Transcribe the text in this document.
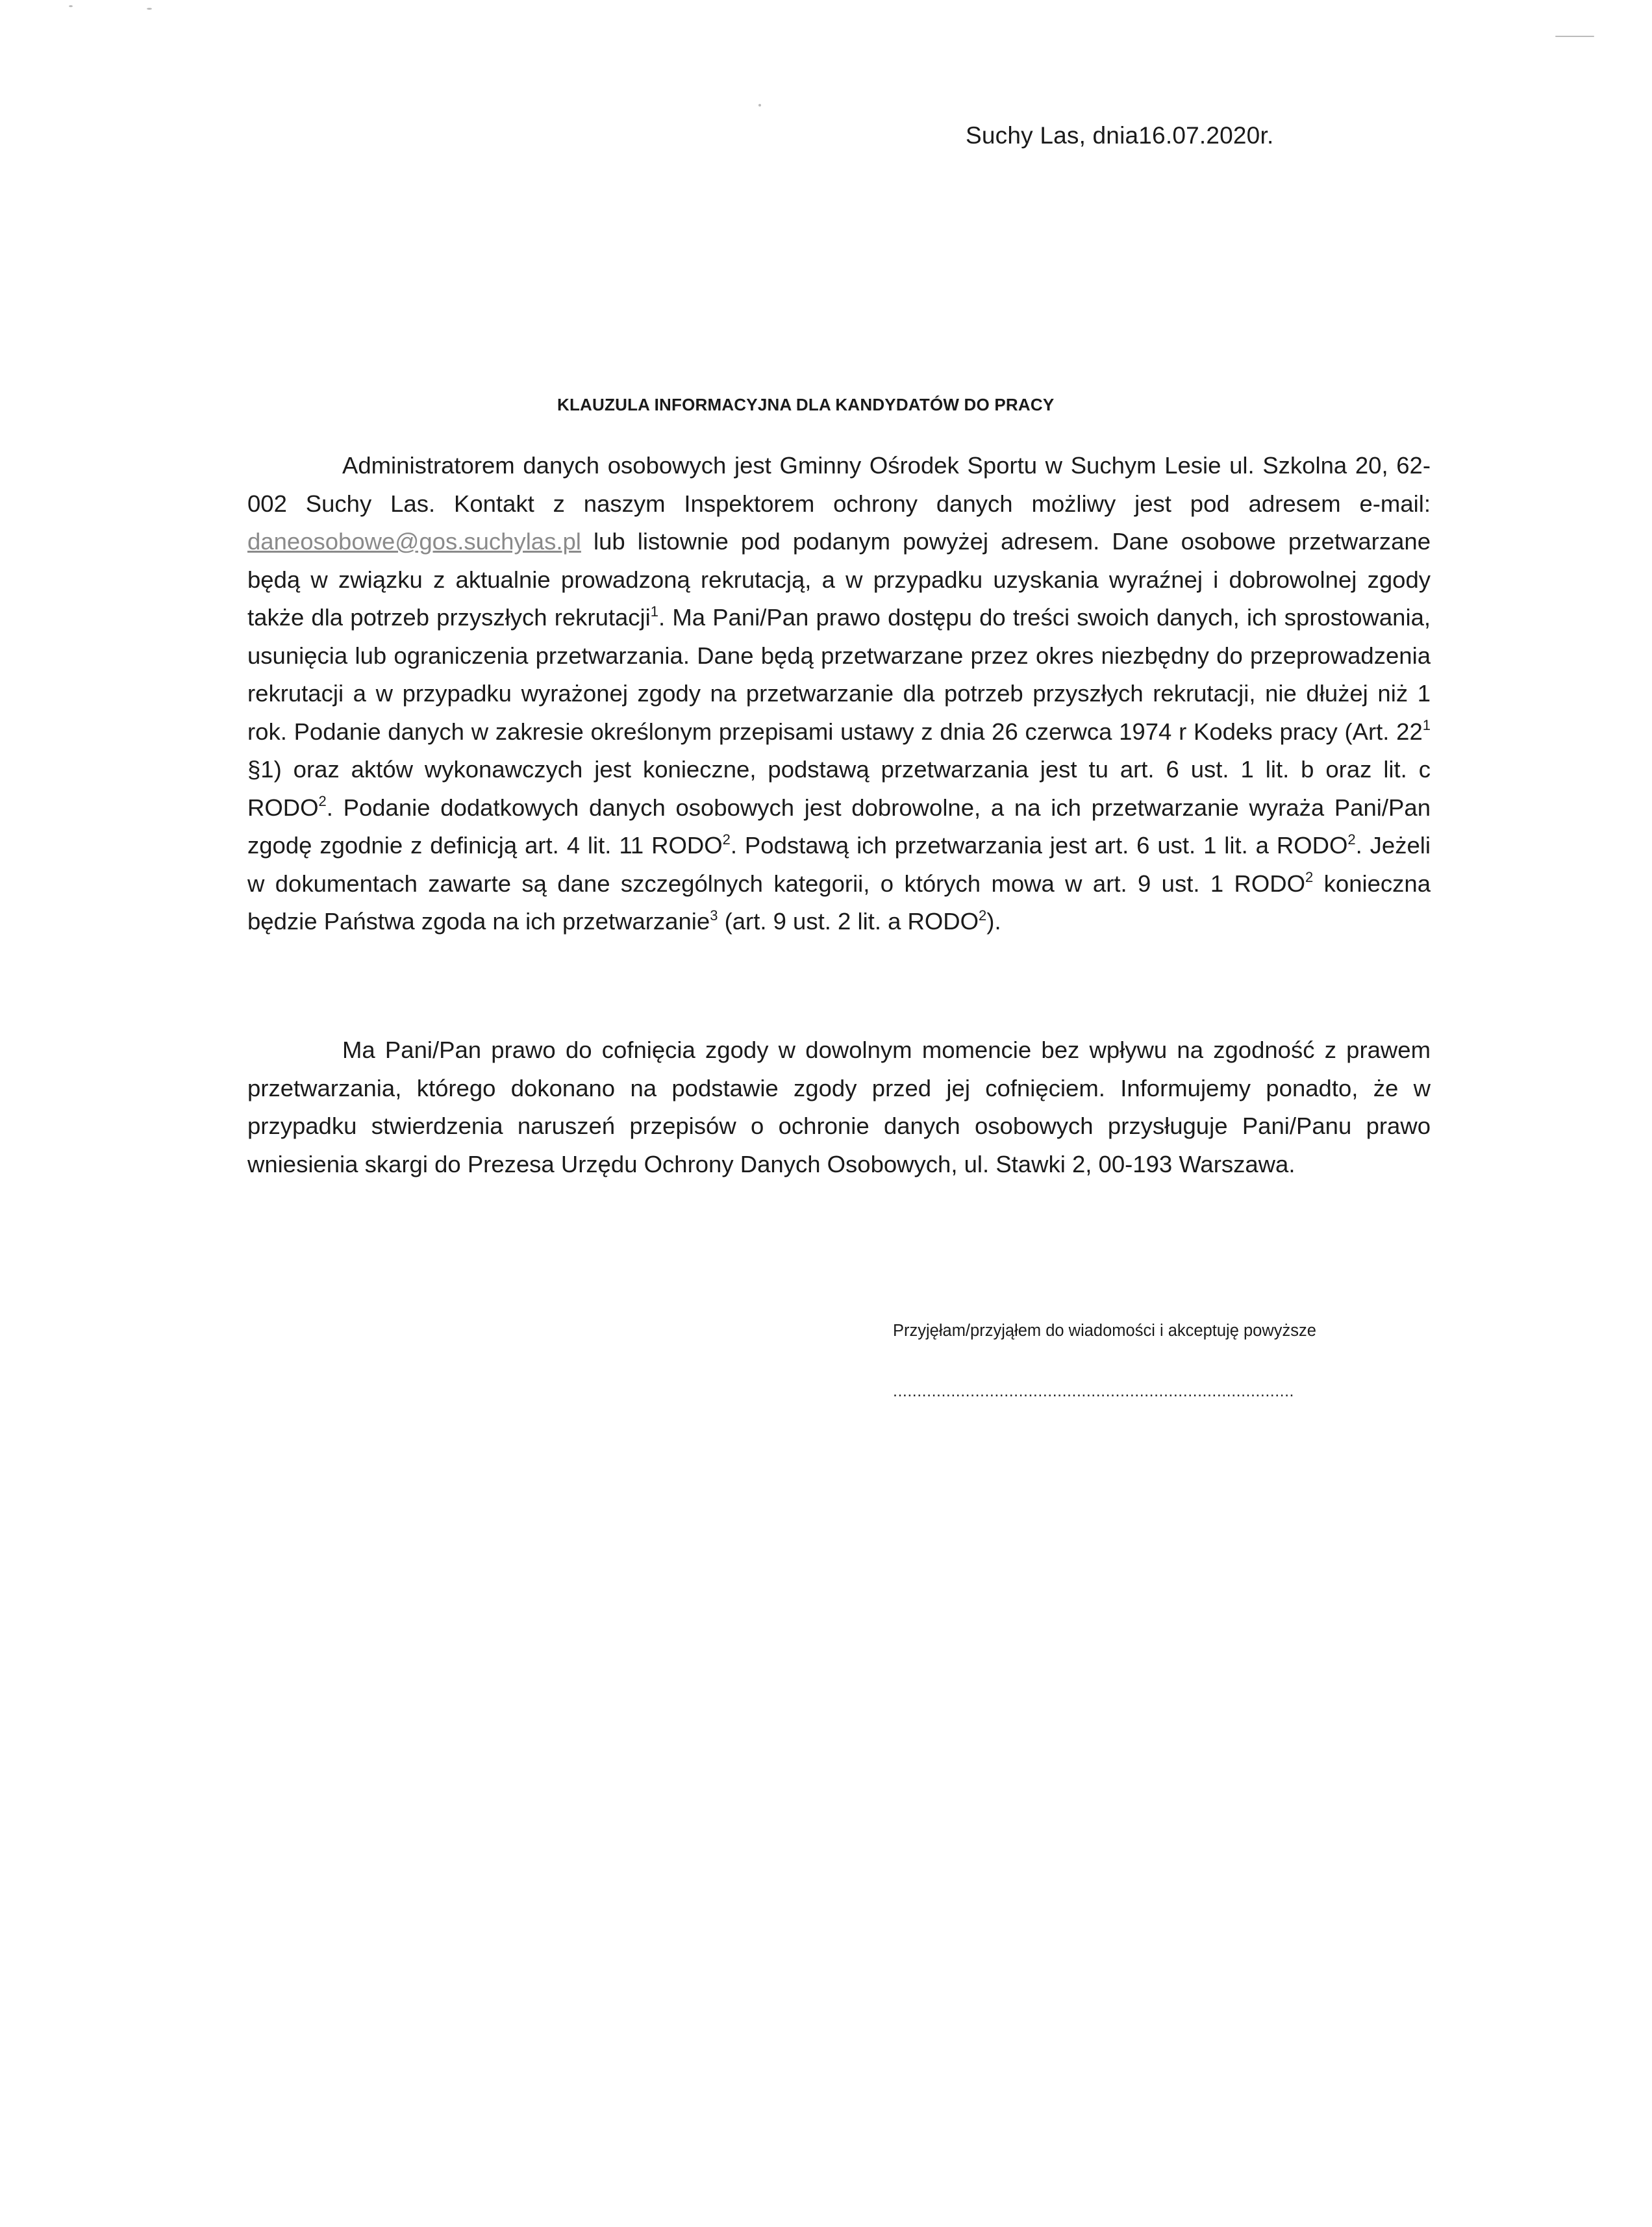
Suchy Las, dnia16.07.2020r.
KLAUZULA INFORMACYJNA DLA KANDYDATÓW DO PRACY

Administratorem danych osobowych jest Gminny Ośrodek Sportu w Suchym Lesie ul. Szkolna 20, 62-002 Suchy Las. Kontakt z naszym Inspektorem ochrony danych możliwy jest pod adresem e-mail: daneosobowe@gos.suchylas.pl lub listownie pod podanym powyżej adresem. Dane osobowe przetwarzane będą w związku z aktualnie prowadzoną rekrutacją, a w przypadku uzyskania wyraźnej i dobrowolnej zgody także dla potrzeb przyszłych rekrutacji$^1$. Ma Pani/Pan prawo dostępu do treści swoich danych, ich sprostowania, usunięcia lub ograniczenia przetwarzania. Dane będą przetwarzane przez okres niezbędny do przeprowadzenia rekrutacji a w przypadku wyrażonej zgody na przetwarzanie dla potrzeb przyszłych rekrutacji, nie dłużej niż 1 rok. Podanie danych w zakresie określonym przepisami ustawy z dnia 26 czerwca 1974 r Kodeks pracy (Art. $22^1$ §1) oraz aktów wykonawczych jest konieczne, podstawą przetwarzania jest tu art. 6 ust. 1 lit. b oraz lit. c RODO$^2$. Podanie dodatkowych danych osobowych jest dobrowolne, a na ich przetwarzanie wyraża Pani/Pan zgodę zgodnie z definicją art. 4 lit. 11 RODO$^2$. Podstawą ich przetwarzania jest art. 6 ust. 1 lit. a RODO$^2$. Jeżeli w dokumentach zawarte są dane szczególnych kategorii, o których mowa w art. 9 ust. 1 RODO$^2$ konieczna będzie Państwa zgoda na ich przetwarzanie$^3$ (art. 9 ust. 2 lit. a RODO$^2$).

Ma Pani/Pan prawo do cofnięcia zgody w dowolnym momencie bez wpływu na zgodność z prawem przetwarzania, którego dokonano na podstawie zgody przed jej cofnięciem. Informujemy ponadto, że w przypadku stwierdzenia naruszeń przepisów o ochronie danych osobowych przysługuje Pani/Panu prawo wniesienia skargi do Prezesa Urzędu Ochrony Danych Osobowych, ul. Stawki 2, 00-193 Warszawa.

Przyjęłam/przyjąłem do wiadomości i akceptuję powyższe
...................................................................................
